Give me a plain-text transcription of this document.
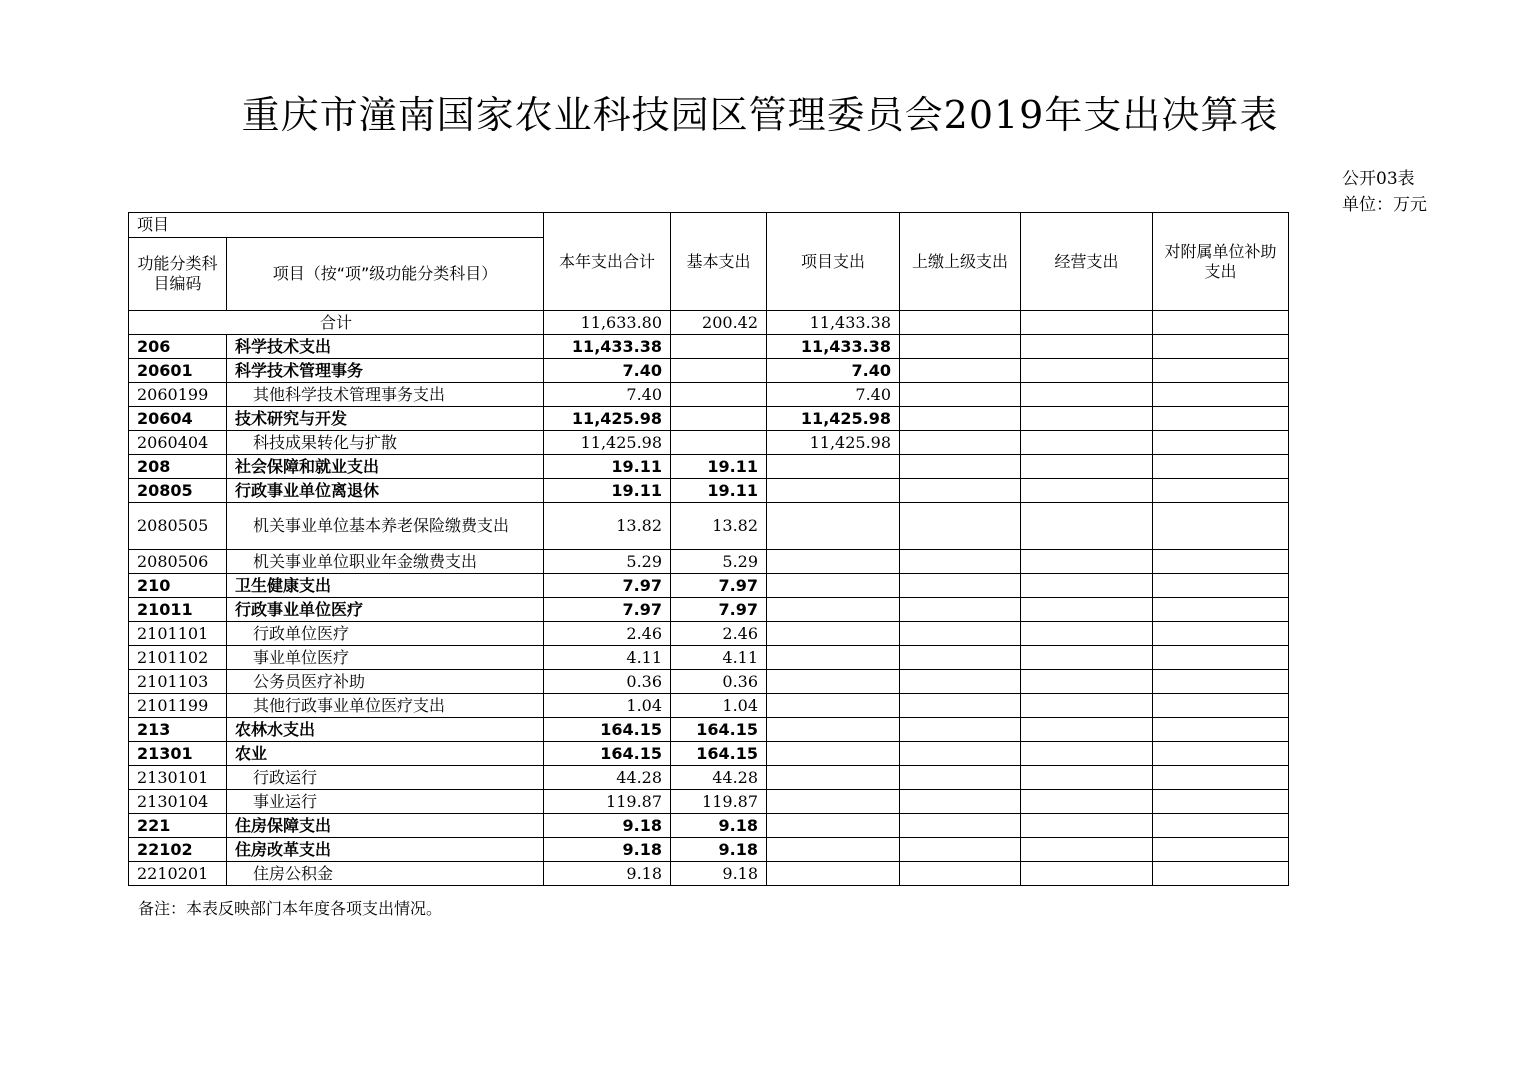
重庆市潼南国家农业科技园区管理委员会2019年支出决算表
公开03表
单位：万元
项目		本年支出合计	基本支出	项目支出	上缴上级支出	经营支出	对附属单位补助支出
功能分类科目编码	项目（按“项”级功能分类科目）						
合计		11,633.80	200.42	11,433.38			
206	科学技术支出	11,433.38		11,433.38			
20601	科学技术管理事务	7.40		7.40			
2060199	其他科学技术管理事务支出	7.40		7.40			
20604	技术研究与开发	11,425.98		11,425.98			
2060404	科技成果转化与扩散	11,425.98		11,425.98			
208	社会保障和就业支出	19.11	19.11				
20805	行政事业单位离退休	19.11	19.11				
2080505	机关事业单位基本养老保险缴费支出	13.82	13.82				
2080506	机关事业单位职业年金缴费支出	5.29	5.29				
210	卫生健康支出	7.97	7.97				
21011	行政事业单位医疗	7.97	7.97				
2101101	行政单位医疗	2.46	2.46				
2101102	事业单位医疗	4.11	4.11				
2101103	公务员医疗补助	0.36	0.36				
2101199	其他行政事业单位医疗支出	1.04	1.04				
213	农林水支出	164.15	164.15				
21301	农业	164.15	164.15				
2130101	行政运行	44.28	44.28				
2130104	事业运行	119.87	119.87				
221	住房保障支出	9.18	9.18				
22102	住房改革支出	9.18	9.18				
2210201	住房公积金	9.18	9.18				
备注：本表反映部门本年度各项支出情况。
